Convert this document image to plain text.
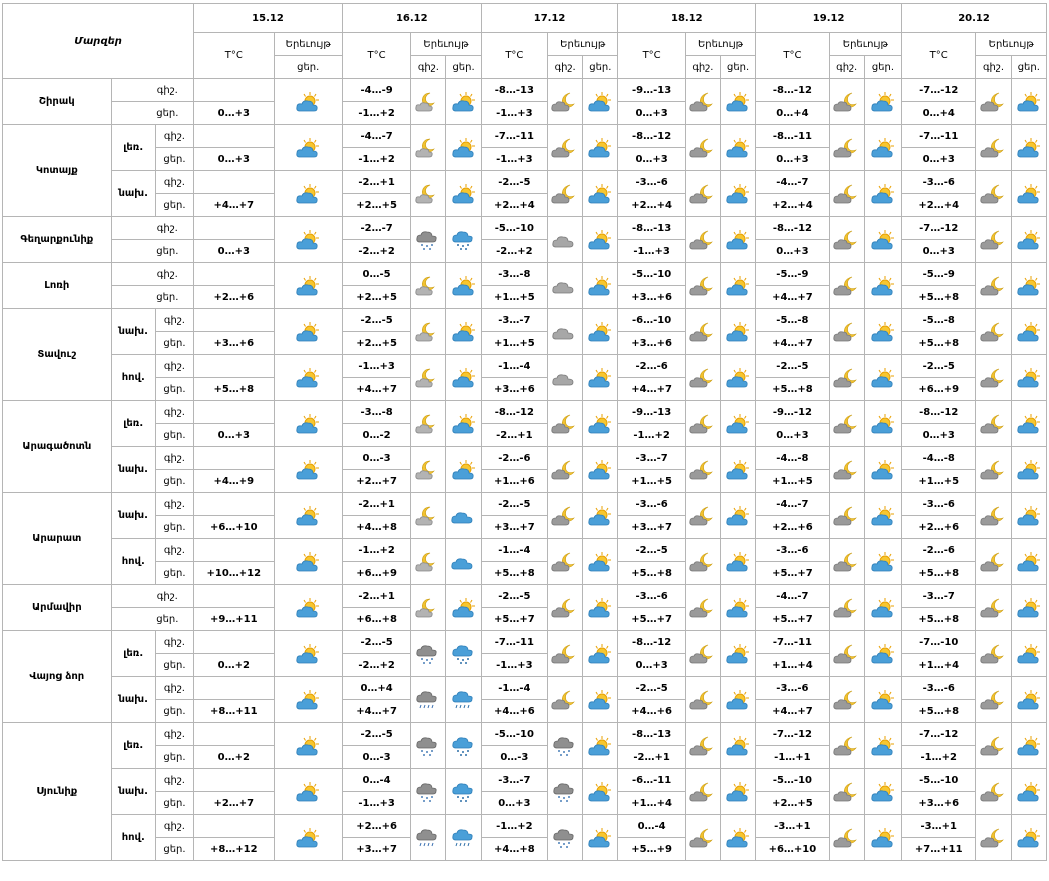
Մարզեր			15.12		16.12			17.12			18.12			19.12			20.12		
			T°C	Երեւույթ	T°C	Երեւույթ		T°C	Երեւույթ		T°C	Երեւույթ		T°C	Երեւույթ		T°C	Երեւույթ	
				ցեր.		գիշ.	ցեր.		գիշ.	ցեր.		գիշ.	ցեր.		գիշ.	ցեր.		գիշ.	ցեր.
Շիրակ	գիշ.				-4…-9			-8…-13			-9…-13			-8…-12			-7…-12	

	ցեր.		0…+3		-1…+2			-1…+3			0…+3			0…+4			0…+4		
Կոտայք	լեռ.	գիշ.			-4…-7			-7…-11			-8…-12			-8…-11			-7…-11	

		ցեր.	0…+3		-1…+2			-1…+3			0…+3			0…+3			0…+3		
	նախ.	գիշ.			-2…+1			-2…-5			-3…-6			-4…-7			-3…-6	

		ցեր.	+4…+7		+2…+5			+2…+4			+2…+4			+2…+4			+2…+4		
Գեղարքունիք	գիշ.				-2…-7			-5…-10			-8…-13			-8…-12			-7…-12	

	ցեր.		0…+3		-2…+2			-2…+2			-1…+3			0…+3			0…+3		
Լոռի	գիշ.				0…-5			-3…-8			-5…-10			-5…-9			-5…-9	

	ցեր.		+2…+6		+2…+5			+1…+5			+3…+6			+4…+7			+5…+8		
Տավուշ	նախ.	գիշ.			-2…-5			-3…-7			-6…-10			-5…-8			-5…-8	

		ցեր.	+3…+6		+2…+5			+1…+5			+3…+6			+4…+7			+5…+8		
	հով.	գիշ.			-1…+3			-1…-4			-2…-6			-2…-5			-2…-5	

		ցեր.	+5…+8		+4…+7			+3…+6			+4…+7			+5…+8			+6…+9		
Արագածոտն	լեռ.	գիշ.			-3…-8			-8…-12			-9…-13			-9…-12			-8…-12	

		ցեր.	0…+3		0…-2			-2…+1			-1…+2			0…+3			0…+3		
	նախ.	գիշ.			0…-3			-2…-6			-3…-7			-4…-8			-4…-8	

		ցեր.	+4…+9		+2…+7			+1…+6			+1…+5			+1…+5			+1…+5		
Արարատ	նախ.	գիշ.			-2…+1			-2…-5			-3…-6			-4…-7			-3…-6	

		ցեր.	+6…+10		+4…+8			+3…+7			+3…+7			+2…+6			+2…+6		
	հով.	գիշ.			-1…+2			-1…-4			-2…-5			-3…-6			-2…-6	

		ցեր.	+10…+12		+6…+9			+5…+8			+5…+8			+5…+7			+5…+8		
Արմավիր	գիշ.				-2…+1			-2…-5			-3…-6			-4…-7			-3…-7	

	ցեր.		+9…+11		+6…+8			+5…+7			+5…+7			+5…+7			+5…+8		
Վայոց ձոր	լեռ.	գիշ.			-2…-5			-7…-11			-8…-12			-7…-11			-7…-10	

		ցեր.	0…+2		-2…+2			-1…+3			0…+3			+1…+4			+1…+4		
	նախ.	գիշ.			0…+4			-1…-4			-2…-5			-3…-6			-3…-6	

		ցեր.	+8…+11		+4…+7			+4…+6			+4…+6			+4…+7			+5…+8		
Սյունիք	լեռ.	գիշ.			-2…-5			-5…-10			-8…-13			-7…-12			-7…-12	

		ցեր.	0…+2		0…-3			0…-3			-2…+1			-1…+1			-1…+2		
	նախ.	գիշ.			0…-4			-3…-7			-6…-11			-5…-10			-5…-10	

		ցեր.	+2…+7		-1…+3			0…+3			+1…+4			+2…+5			+3…+6		
	հով.	գիշ.			+2…+6			-1…+2			0…-4			-3…+1			-3…+1	

		ցեր.	+8…+12		+3…+7			+4…+8			+5…+9			+6…+10			+7…+11		
